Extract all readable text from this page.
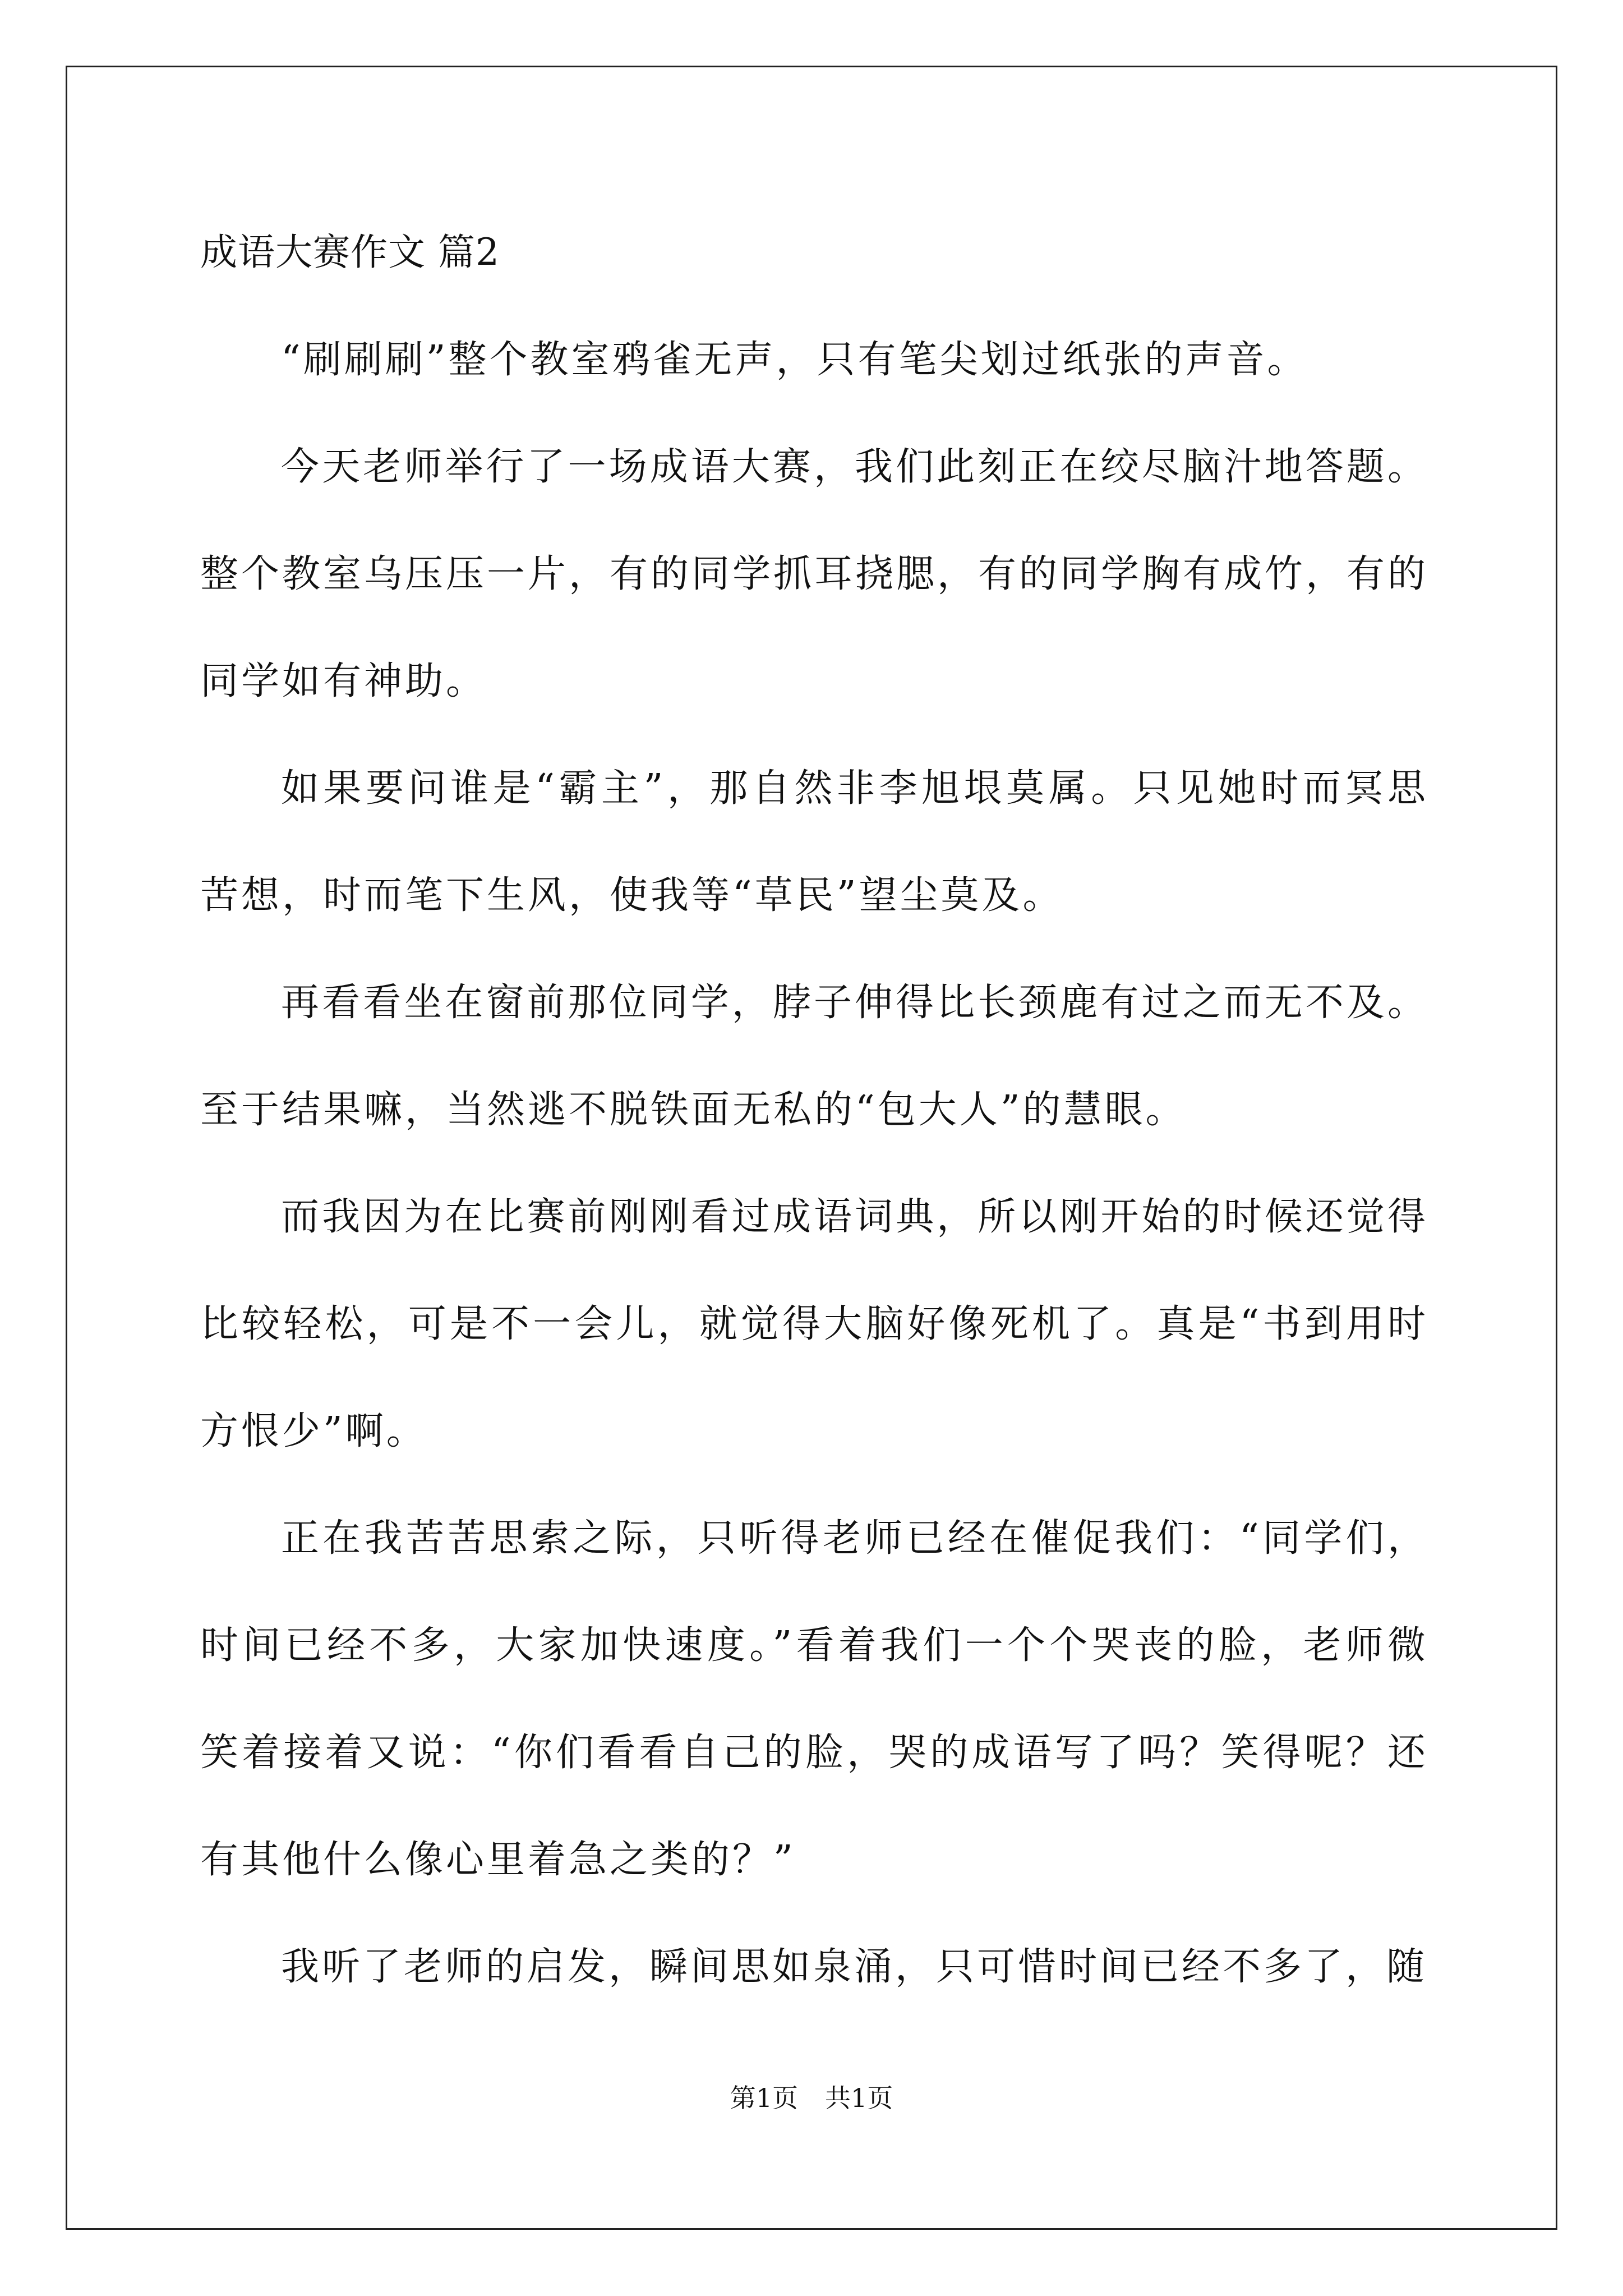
成语大赛作文 篇2

“刷刷刷”整个教室鸦雀无声，只有笔尖划过纸张的声音。

今天老师举行了一场成语大赛，我们此刻正在绞尽脑汁地答题。整个教室乌压压一片，有的同学抓耳挠腮，有的同学胸有成竹，有的同学如有神助。

如果要问谁是“霸主”，那自然非李旭垠莫属。只见她时而冥思苦想，时而笔下生风，使我等“草民”望尘莫及。

再看看坐在窗前那位同学，脖子伸得比长颈鹿有过之而无不及。至于结果嘛，当然逃不脱铁面无私的“包大人”的慧眼。

而我因为在比赛前刚刚看过成语词典，所以刚开始的时候还觉得比较轻松，可是不一会儿，就觉得大脑好像死机了。真是“书到用时方恨少”啊。

正在我苦苦思索之际，只听得老师已经在催促我们：“同学们，时间已经不多，大家加快速度。”看着我们一个个哭丧的脸，老师微笑着接着又说：“你们看看自己的脸，哭的成语写了吗？笑得呢？还有其他什么像心里着急之类的？”

我听了老师的启发，瞬间思如泉涌，只可惜时间已经不多了，随

第1页 共1页
